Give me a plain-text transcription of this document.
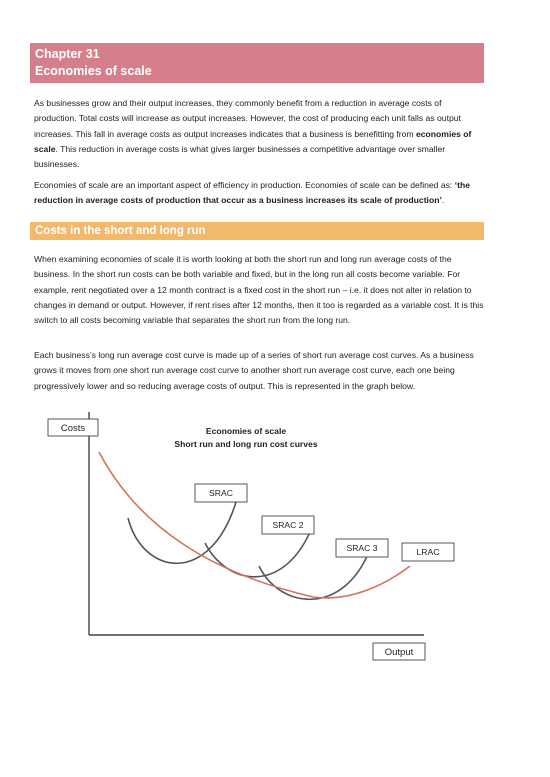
Chapter 31
Economies of scale

As businesses grow and their output increases, they commonly benefit from a reduction in average costs of production. Total costs will increase as output increases. However, the cost of producing each unit falls as output increases. This fall in average costs as output increases indicates that a business is benefitting from economies of scale. This reduction in average costs is what gives larger businesses a competitive advantage over smaller businesses.

Economies of scale are an important aspect of efficiency in production. Economies of scale can be defined as: ‘the reduction in average costs of production that occur as a business increases its scale of production’.

Costs in the short and long run

When examining economies of scale it is worth looking at both the short run and long run average costs of the business. In the short run costs can be both variable and fixed, but in the long run all costs become variable. For example, rent negotiated over a 12 month contract is a fixed cost in the short run – i.e. it does not alter in relation to changes in demand or output. However, if rent rises after 12 months, then it too is regarded as a variable cost. It is this switch to all costs becoming variable that separates the short run from the long run.

Each business’s long run average cost curve is made up of a series of short run average cost curves. As a business grows it moves from one short run average cost curve to another short run average cost curve, each one being progressively lower and so reducing average costs of output. This is represented in the graph below.

Costs	Economies of scale
Short run and long run cost curves
SRAC
SRAC 2
SRAC 3	LRAC
Output
